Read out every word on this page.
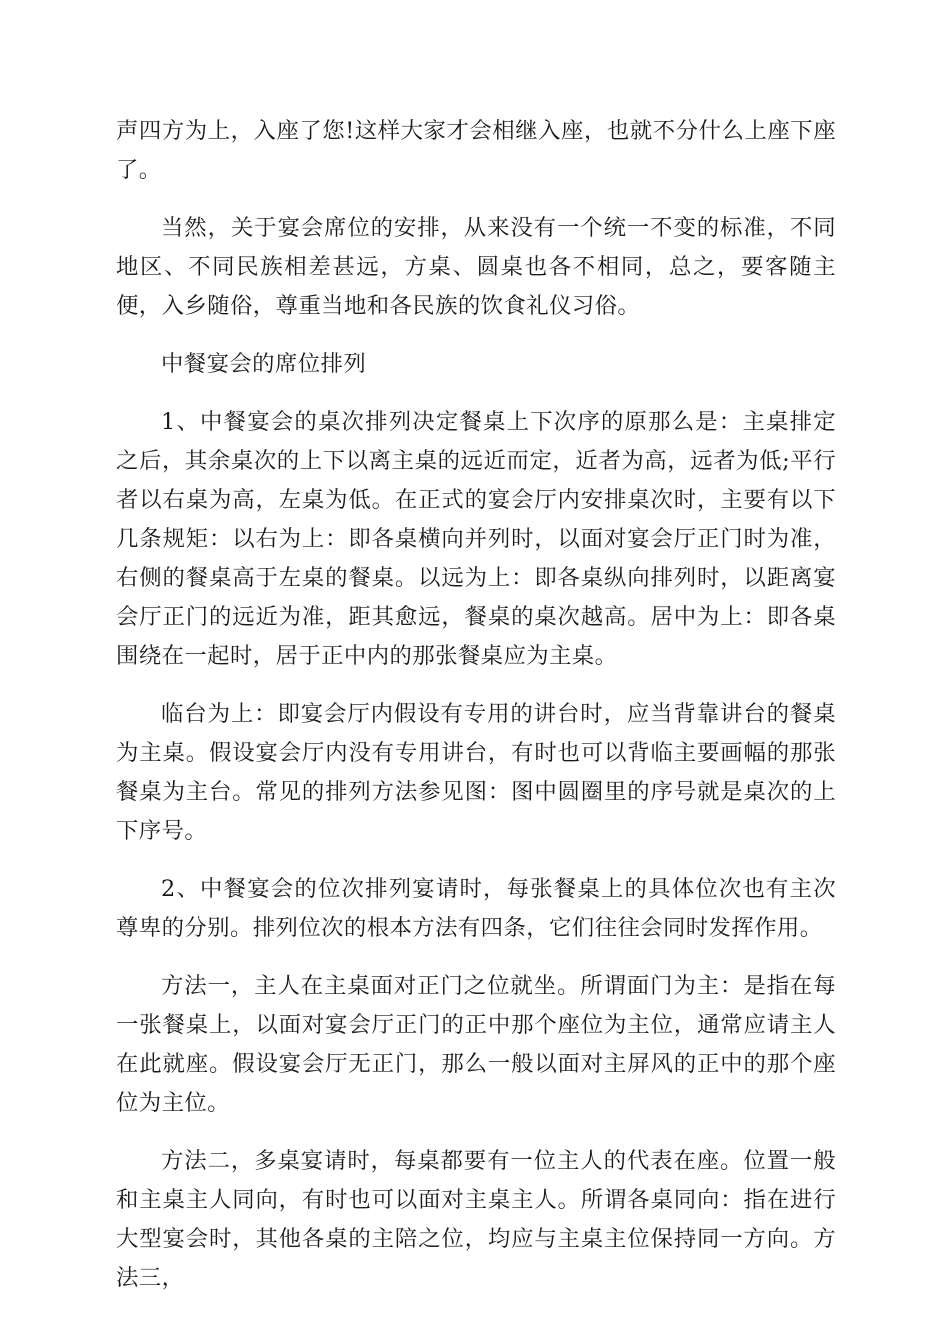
声四方为上，入座了您!这样大家才会相继入座，也就不分什么上座下座了。

当然，关于宴会席位的安排，从来没有一个统一不变的标准，不同地区、不同民族相差甚远，方桌、圆桌也各不相同，总之，要客随主便，入乡随俗，尊重当地和各民族的饮食礼仪习俗。

中餐宴会的席位排列

1、中餐宴会的桌次排列决定餐桌上下次序的原那么是：主桌排定之后，其余桌次的上下以离主桌的远近而定，近者为高，远者为低;平行者以右桌为高，左桌为低。在正式的宴会厅内安排桌次时，主要有以下几条规矩：以右为上：即各桌横向并列时，以面对宴会厅正门时为准，右侧的餐桌高于左桌的餐桌。以远为上：即各桌纵向排列时，以距离宴会厅正门的远近为准，距其愈远，餐桌的桌次越高。居中为上：即各桌围绕在一起时，居于正中内的那张餐桌应为主桌。

临台为上：即宴会厅内假设有专用的讲台时，应当背靠讲台的餐桌为主桌。假设宴会厅内没有专用讲台，有时也可以背临主要画幅的那张餐桌为主台。常见的排列方法参见图：图中圆圈里的序号就是桌次的上下序号。

2、中餐宴会的位次排列宴请时，每张餐桌上的具体位次也有主次尊卑的分别。排列位次的根本方法有四条，它们往往会同时发挥作用。

方法一，主人在主桌面对正门之位就坐。所谓面门为主：是指在每一张餐桌上，以面对宴会厅正门的正中那个座位为主位，通常应请主人在此就座。假设宴会厅无正门，那么一般以面对主屏风的正中的那个座位为主位。

方法二，多桌宴请时，每桌都要有一位主人的代表在座。位置一般和主桌主人同向，有时也可以面对主桌主人。所谓各桌同向：指在进行大型宴会时，其他各桌的主陪之位，均应与主桌主位保持同一方向。方法三，
